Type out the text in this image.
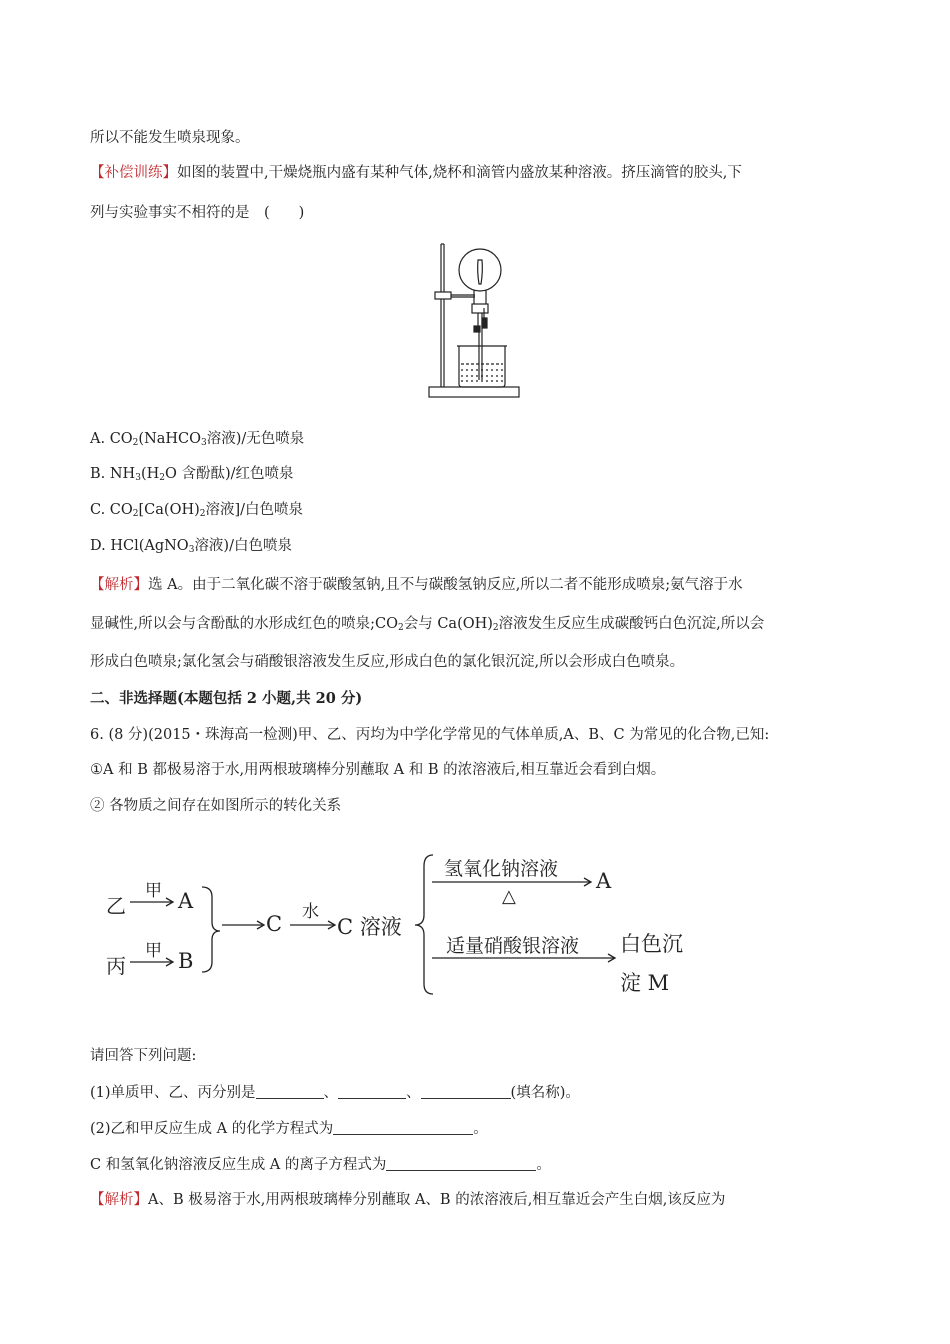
所以不能发生喷泉现象。
【补偿训练】如图的装置中,干燥烧瓶内盛有某种气体,烧杯和滴管内盛放某种溶液。挤压滴管的胶头,下
列与实验事实不相符的是　(　　)
A. $CO_2(NaHCO_3$溶液)/无色喷泉
B. $NH_3(H_2O$ 含酚酞)/红色喷泉
C. $CO_2[Ca(OH)_2$溶液]/白色喷泉
D. HCl(AgNO$_3$溶液)/白色喷泉
【解析】选 A。由于二氧化碳不溶于碳酸氢钠,且不与碳酸氢钠反应,所以二者不能形成喷泉;氨气溶于水
显碱性,所以会与含酚酞的水形成红色的喷泉$;CO_2$会与 $Ca(OH)_2$溶液发生反应生成碳酸钙白色沉淀,所以会
形成白色喷泉;氯化氢会与硝酸银溶液发生反应,形成白色的氯化银沉淀,所以会形成白色喷泉。
二、非选择题(本题包括 2 小题,共 20 分)
6. (8 分)(2015・珠海高一检测)甲、乙、丙均为中学化学常见的气体单质,A、B、C 为常见的化合物,已知:
①A 和 B 都极易溶于水,用两根玻璃棒分别蘸取 A 和 B 的浓溶液后,相互靠近会看到白烟。
② 各物质之间存在如图所示的转化关系
乙
丙
甲
甲
A
B
C 水
C 溶液
氢氧化钠溶液
△
A
适量硝酸银溶液 白色沉
淀 M
请回答下列问题:
(1)单质甲、乙、丙分别是	、	、	(填名称)。
(2)乙和甲反应生成 A 的化学方程式为	。
C 和氢氧化钠溶液反应生成 A 的离子方程式为	。
【解析】A、B 极易溶于水,用两根玻璃棒分别蘸取 A、B 的浓溶液后,相互靠近会产生白烟,该反应为
